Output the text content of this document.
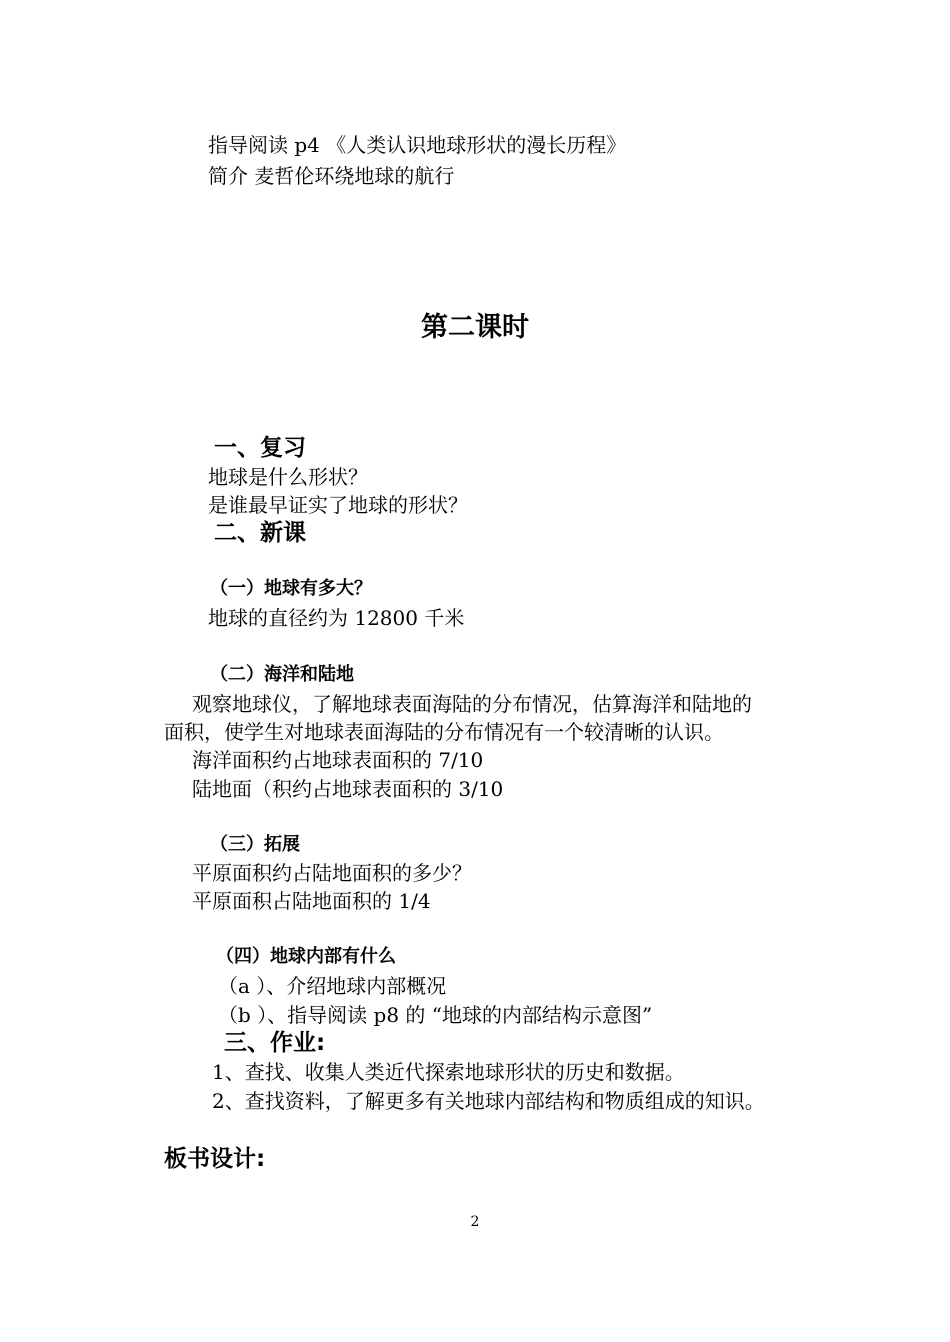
指导阅读 p4 《人类认识地球形状的漫长历程》
简介 麦哲伦环绕地球的航行
第二课时
一、复习
地球是什么形状？
是谁最早证实了地球的形状？
二、新课
（一）地球有多大？
地球的直径约为 12800 千米
（二）海洋和陆地
观察地球仪，了解地球表面海陆的分布情况，估算海洋和陆地的
面积，使学生对地球表面海陆的分布情况有一个较清晰的认识。
海洋面积约占地球表面积的 7/10
陆地面（积约占地球表面积的 3/10
（三）拓展
平原面积约占陆地面积的多少？
平原面积占陆地面积的 1/4
（四）地球内部有什么
（a ）、介绍地球内部概况
（b ）、指导阅读 p8 的 “地球的内部结构示意图”
三、作业:
1、查找、收集人类近代探索地球形状的历史和数据。
2、查找资料，了解更多有关地球内部结构和物质组成的知识。
板书设计:
2
